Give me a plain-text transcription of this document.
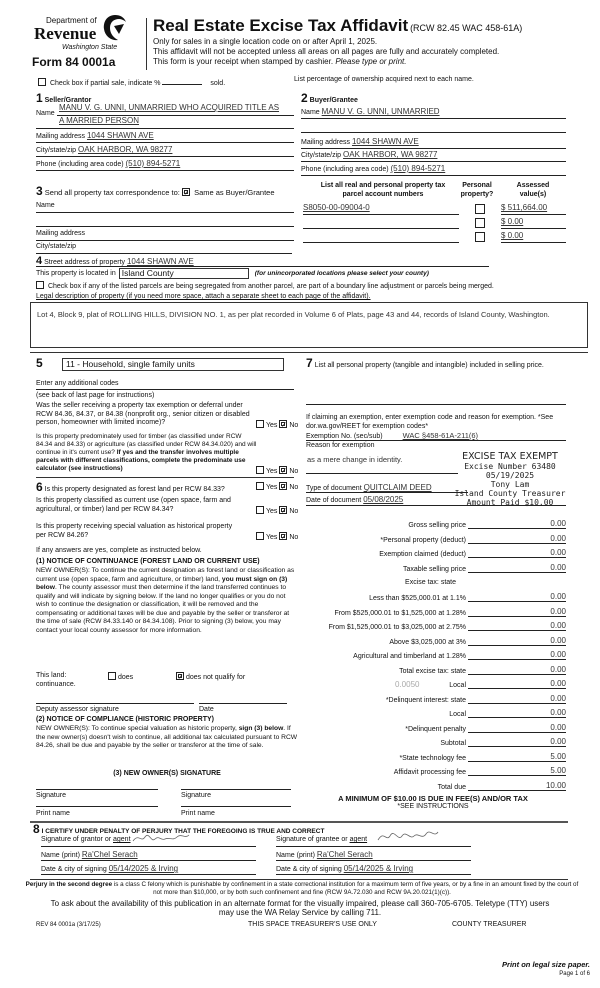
Department of
Revenue
Washington State
Form 84 0001a
Real Estate Excise Tax Affidavit (RCW 82.45 WAC 458-61A)
Only for sales in a single location code on or after April 1, 2025.
This affidavit will not be accepted unless all areas on all pages are fully and accurately completed.
This form is your receipt when stamped by cashier. Please type or print.
Check box if partial sale, indicate %	sold.
List percentage of ownership acquired next to each name.
1 Seller/Grantor
Name
MANU V. G. UNNI, UNMARRIED WHO ACQUIRED TITLE AS
A MARRIED PERSON
Mailing address 1044 SHAWN AVE
City/state/zip OAK HARBOR, WA 98277
Phone (including area code) (510) 894-5271
2 Buyer/Grantee
Name MANU V. G. UNNI, UNMARRIED
Mailing address 1044 SHAWN AVE
City/state/zip OAK HARBOR, WA 98277
Phone (including area code) (510) 894-5271
List all real and personal property tax
parcel account numbers
Personal
property?
Assessed
value(s)
S8050-00-09004-0	$ 511,664.00
$ 0.00
$ 0.00
3 Send all property tax correspondence to: Same as Buyer/Grantee
Name
Mailing address
City/state/zip
4 Street address of property 1044 SHAWN AVE
This property is located in Island County	(for unincorporated locations please select your county)
Check box if any of the listed parcels are being segregated from another parcel, are part of a boundary line adjustment or parcels being merged.
Legal description of property (if you need more space, attach a separate sheet to each page of the affidavit).
Lot 4, Block 9, plat of ROLLING HILLS, DIVISION NO. 1, as per plat recorded in Volume 6 of Plats, page 43 and 44, records of Island County, Washington.
5	11 - Household, single family units
Enter any additional codes
(see back of last page for instructions)
Was the seller receiving a property tax exemption or deferral under RCW 84.36, 84.37, or 84.38 (nonprofit org., senior citizen or disabled person, homeowner with limited income)?	Yes No
Is this property predominately used for timber (as classified under RCW 84.34 and 84.33) or agriculture (as classified under RCW 84.34.020) and will continue in it's current use? If yes and the transfer involves multiple parcels with different classifications, complete the predominate use calculator (see instructions)	Yes No
6 Is this property designated as forest land per RCW 84.33?	Yes No
Is this property classified as current use (open space, farm and agricultural, or timber) land per RCW 84.34?	Yes No
Is this property receiving special valuation as historical property per RCW 84.26?	Yes No
If any answers are yes, complete as instructed below.
(1) NOTICE OF CONTINUANCE (FOREST LAND OR CURRENT USE)
NEW OWNER(S): To continue the current designation as forest land or classification as current use (open space, farm and agriculture, or timber) land, you must sign on (3) below. The county assessor must then determine if the land transferred continues to qualify and will indicate by signing below. If the land no longer qualifies or you do not wish to continue the designation or classification, it will be removed and the compensating or additional taxes will be due and payable by the seller or transferor at the time of sale (RCW 84.33.140 or 84.34.108). Prior to signing (3) below, you may contact your local county assessor for more information.
This land:	does	does not qualify for
continuance.
Deputy assessor signature	Date
(2) NOTICE OF COMPLIANCE (HISTORIC PROPERTY)
NEW OWNER(S): To continue special valuation as historic property, sign (3) below. If the new owner(s) doesn't wish to continue, all additional tax calculated pursuant to RCW 84.26, shall be due and payable by the seller or transferor at the time of sale.
(3) NEW OWNER(S) SIGNATURE
Signature	Signature
Print name	Print name
7 List all personal property (tangible and intangible) included in selling price.
If claiming an exemption, enter exemption code and reason for exemption. *See dor.wa.gov/REET for exemption codes*
Exemption No. (sec/sub)	WAC §458-61A-211(6)
Reason for exemption
as a mere change in identity.
Type of document QUITCLAIM DEED
Date of document 05/08/2025
EXCISE TAX EXEMPT
Excise Number 63480
05/19/2025
Tony Lam
Island County Treasurer
Amount Paid $10.00
Gross selling price	0.00
*Personal property (deduct)	0.00
Exemption claimed (deduct)	0.00
Taxable selling price	0.00
Excise tax: state
Less than $525,000.01 at 1.1%	0.00
From $525,000.01 to $1,525,000 at 1.28%	0.00
From $1,525,000.01 to $3,025,000 at 2.75%	0.00
Above $3,025,000 at 3%	0.00
Agricultural and timberland at 1.28%	0.00
Total excise tax: state	0.00
0.0050	Local	0.00
*Delinquent interest: state	0.00
Local	0.00
*Delinquent penalty	0.00
Subtotal	0.00
*State technology fee	5.00
Affidavit processing fee	5.00
Total due	10.00
A MINIMUM OF $10.00 IS DUE IN FEE(S) AND/OR TAX
*SEE INSTRUCTIONS
8 I CERTIFY UNDER PENALTY OF PERJURY THAT THE FOREGOING IS TRUE AND CORRECT
Signature of grantor or agent
Name (print) Ra'Chel Serach
Date & city of signing 05/14/2025 & Irving
Signature of grantee or agent
Name (print) Ra'Chel Serach
Date & city of signing 05/14/2025 & Irving
Perjury in the second degree is a class C felony which is punishable by confinement in a state correctional institution for a maximum term of five years, or by a fine in an amount fixed by the court of not more than $10,000, or by both such confinement and fine (RCW 9A.72.030 and RCW 9A.20.021(1)(c)).
To ask about the availability of this publication in an alternate format for the visually impaired, please call 360-705-6705. Teletype (TTY) users may use the WA Relay Service by calling 711.
REV 84 0001a (3/17/25)	THIS SPACE TREASURER'S USE ONLY	COUNTY TREASURER
Print on legal size paper.
Page 1 of 6
